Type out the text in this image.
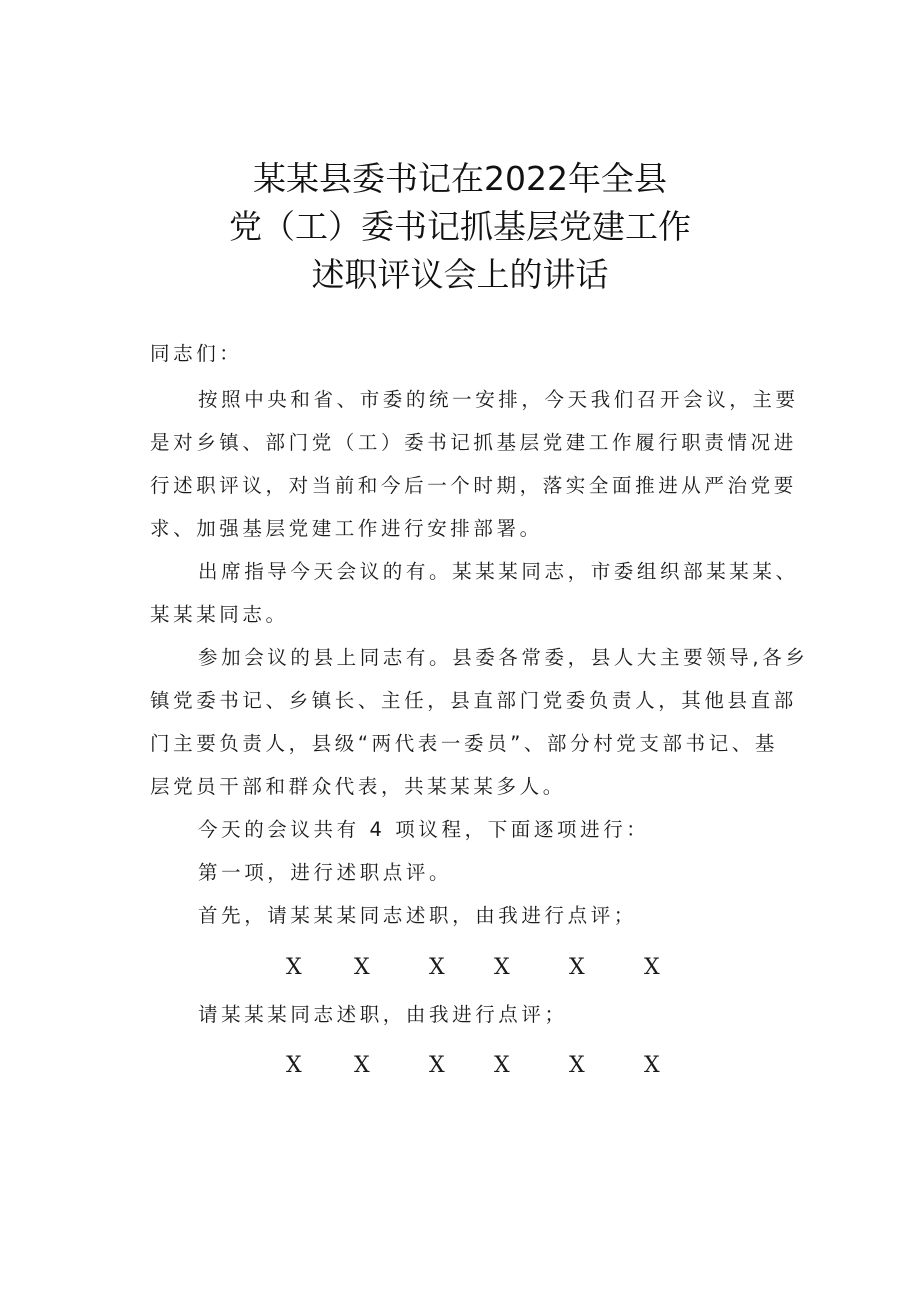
某某县委书记在2022年全县
党（工）委书记抓基层党建工作
述职评议会上的讲话
同志们：
按照中央和省、市委的统一安排，今天我们召开会议，主要
是对乡镇、部门党（工）委书记抓基层党建工作履行职责情况进
行述职评议，对当前和今后一个时期，落实全面推进从严治党要
求、加强基层党建工作进行安排部署。
出席指导今天会议的有。某某某同志，市委组织部某某某、
某某某同志。
参加会议的县上同志有。县委各常委，县人大主要领导,各乡
镇党委书记、乡镇长、主任，县直部门党委负责人，其他县直部
门主要负责人，县级“两代表一委员”、部分村党支部书记、基
层党员干部和群众代表，共某某某多人。
今天的会议共有 4 项议程，下面逐项进行：
第一项，进行述职点评。
首先，请某某某同志述职，由我进行点评；
请某某某同志述职，由我进行点评；
X X	X X	X	X
X X	X X	X	X
